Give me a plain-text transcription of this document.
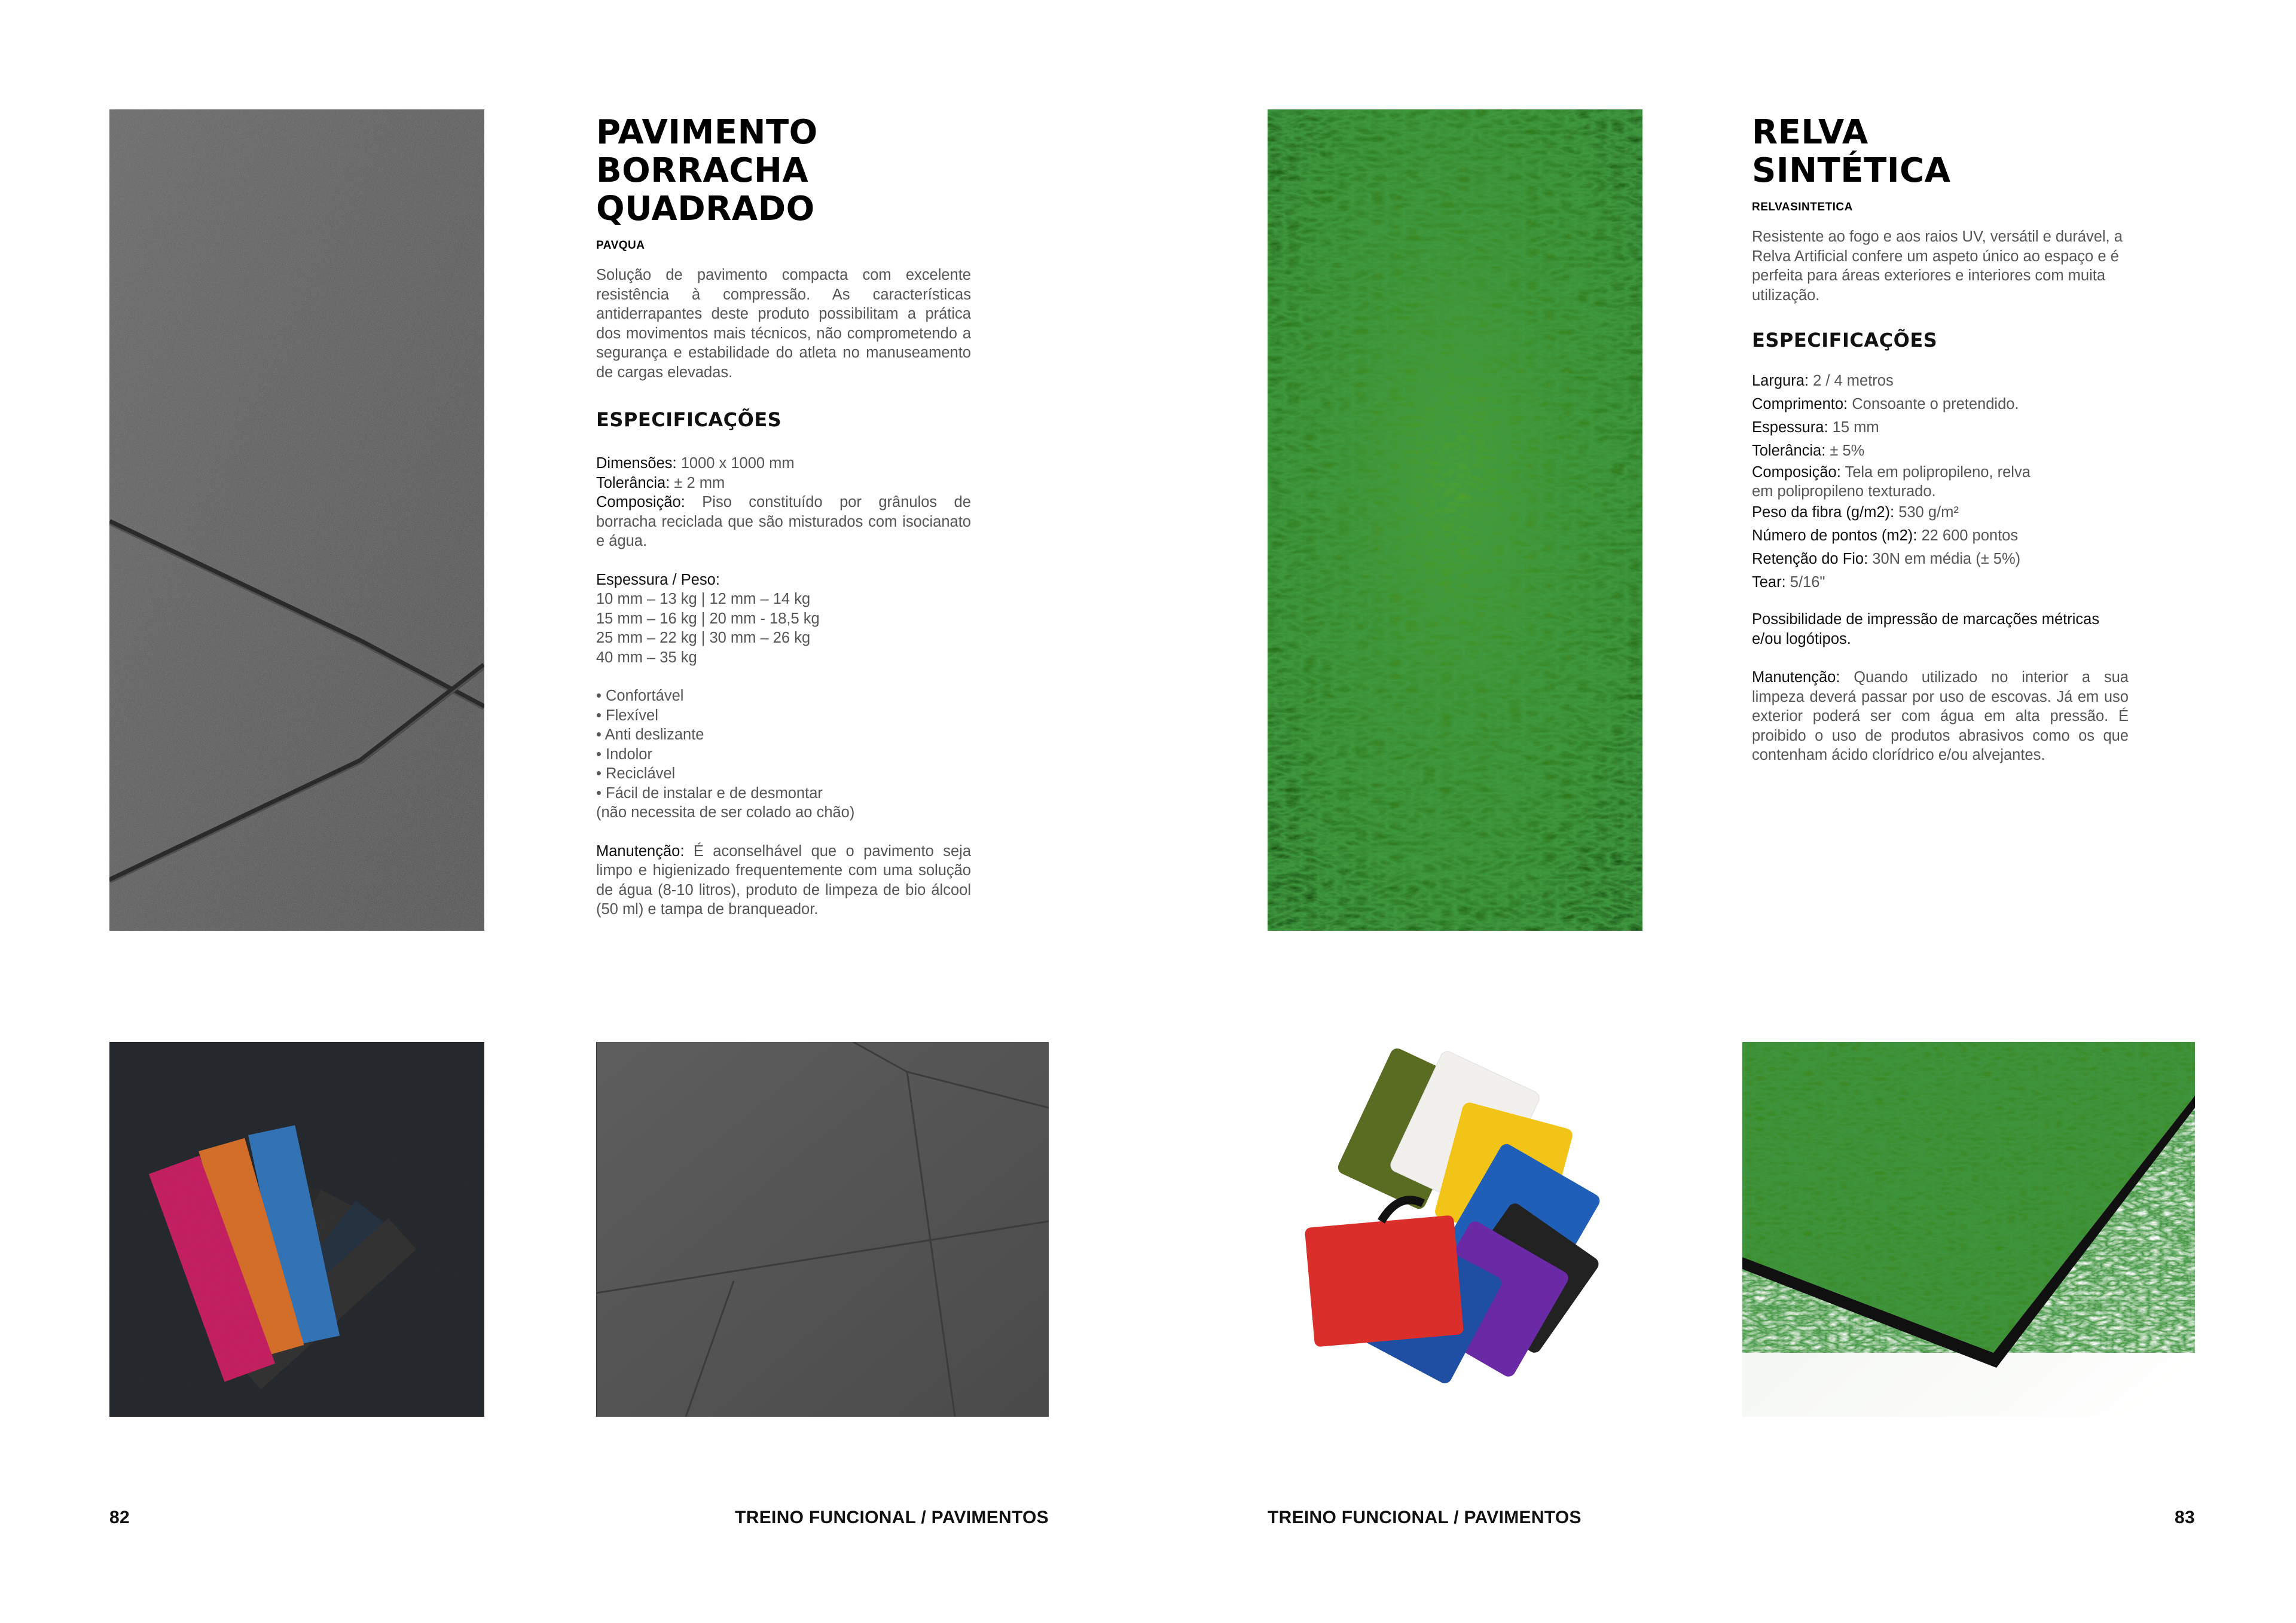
PAVIMENTO
BORRACHA
QUADRADO
PAVQUA

Solução de pavimento compacta com excelente resistência à compressão. As características antiderrapantes deste produto possibilitam a prática dos movimentos mais técnicos, não comprometendo a segurança e estabilidade do atleta no manuseamento de cargas elevadas.

ESPECIFICAÇÕES

Dimensões: 1000 x 1000 mm

Tolerância: ± 2 mm

Composição: Piso constituído por grânulos de borracha reciclada que são misturados com isocianato e água.

Espessura / Peso:

10 mm – 13 kg | 12 mm – 14 kg

15 mm – 16 kg | 20 mm - 18,5 kg

25 mm – 22 kg | 30 mm – 26 kg

40 mm – 35 kg

• Confortável

• Flexível

• Anti deslizante

• Indolor

• Reciclável

• Fácil de instalar e de desmontar

(não necessita de ser colado ao chão)

Manutenção: É aconselhável que o pavimento seja limpo e higienizado frequentemente com uma solução de água (8-10 litros), produto de limpeza de bio álcool (50 ml) e tampa de branqueador.

RELVA
SINTÉTICA
RELVASINTETICA

Resistente ao fogo e aos raios UV, versátil e durável, a Relva Artificial confere um aspeto único ao espaço e é perfeita para áreas exteriores e interiores com muita utilização.

ESPECIFICAÇÕES

Largura: 2 / 4 metros

Comprimento: Consoante o pretendido.

Espessura: 15 mm

Tolerância: ± 5%

Composição: Tela em polipropileno, relva em polipropileno texturado.

Peso da fibra (g/m2): 530 g/m²

Número de pontos (m2): 22 600 pontos

Retenção do Fio: 30N em média (± 5%)

Tear: 5/16"

Possibilidade de impressão de marcações métricas e/ou logótipos.

Manutenção: Quando utilizado no interior a sua limpeza deverá passar por uso de escovas. Já em uso exterior poderá ser com água em alta pressão. É proibido o uso de produtos abrasivos como os que contenham ácido clorídrico e/ou alvejantes.

82	TREINO FUNCIONAL / PAVIMENTOS	TREINO FUNCIONAL / PAVIMENTOS	83
